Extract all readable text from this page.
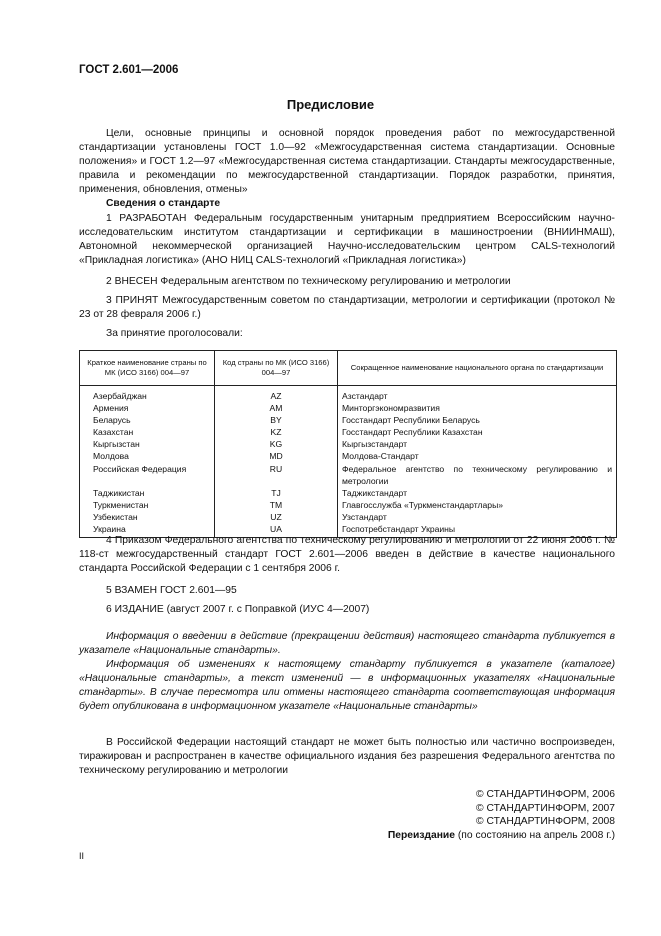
ГОСТ 2.601—2006
Предисловие

Цели, основные принципы и основной порядок проведения работ по межгосударственной стандартизации установлены ГОСТ 1.0—92 «Межгосударственная система стандартизации. Основные положения» и ГОСТ 1.2—97 «Межгосударственная система стандартизации. Стандарты межгосударственные, правила и рекомендации по межгосударственной стандартизации. Порядок разработки, принятия, применения, обновления, отмены»

Сведения о стандарте

1 РАЗРАБОТАН Федеральным государственным унитарным предприятием Всероссийским научно-исследовательским институтом стандартизации и сертификации в машиностроении (ВНИИНМАШ), Автономной некоммерческой организацией Научно-исследовательским центром CALS-технологий «Прикладная логистика» (АНО НИЦ CALS-технологий «Прикладная логистика»)

2 ВНЕСЕН Федеральным агентством по техническому регулированию и метрологии

3 ПРИНЯТ Межгосударственным советом по стандартизации, метрологии и сертификации (протокол № 23 от 28 февраля 2006 г.)

За принятие проголосовали:

Краткое наименование страны по МК (ИСО 3166) 004—97	Код страны по МК (ИСО 3166) 004—97	Сокращенное наименование национального органа по стандартизации
Азербайджан	AZ	Азстандарт
Армения	AM	Минторгэкономразвития
Беларусь	BY	Госстандарт Республики Беларусь
Казахстан	KZ	Госстандарт Республики Казахстан
Кыргызстан	KG	Кыргызстандарт
Молдова	MD	Молдова-Стандарт
Российская Федерация	RU	Федеральное агентство по техническому регулированию и метрологии
Таджикистан	TJ	Таджикстандарт
Туркменистан	TM	Главгосслужба «Туркменстандартлары»
Узбекистан	UZ	Узстандарт
Украина	UA	Госпотребстандарт Украины

4 Приказом Федерального агентства по техническому регулированию и метрологии от 22 июня 2006 г. № 118-ст межгосударственный стандарт ГОСТ 2.601—2006 введен в действие в качестве национального стандарта Российской Федерации с 1 сентября 2006 г.

5 ВЗАМЕН ГОСТ 2.601—95

6 ИЗДАНИЕ (август 2007 г. с Поправкой (ИУС 4—2007)

Информация о введении в действие (прекращении действия) настоящего стандарта публикуется в указателе «Национальные стандарты».

Информация об изменениях к настоящему стандарту публикуется в указателе (каталоге) «Национальные стандарты», а текст изменений — в информационных указателях «Национальные стандарты». В случае пересмотра или отмены настоящего стандарта соответствующая информация будет опубликована в информационном указателе «Национальные стандарты»

В Российской Федерации настоящий стандарт не может быть полностью или частично воспроизведен, тиражирован и распространен в качестве официального издания без разрешения Федерального агентства по техническому регулированию и метрологии

© СТАНДАРТИНФОРМ, 2006
© СТАНДАРТИНФОРМ, 2007
© СТАНДАРТИНФОРМ, 2008
Переиздание (по состоянию на апрель 2008 г.)
II
